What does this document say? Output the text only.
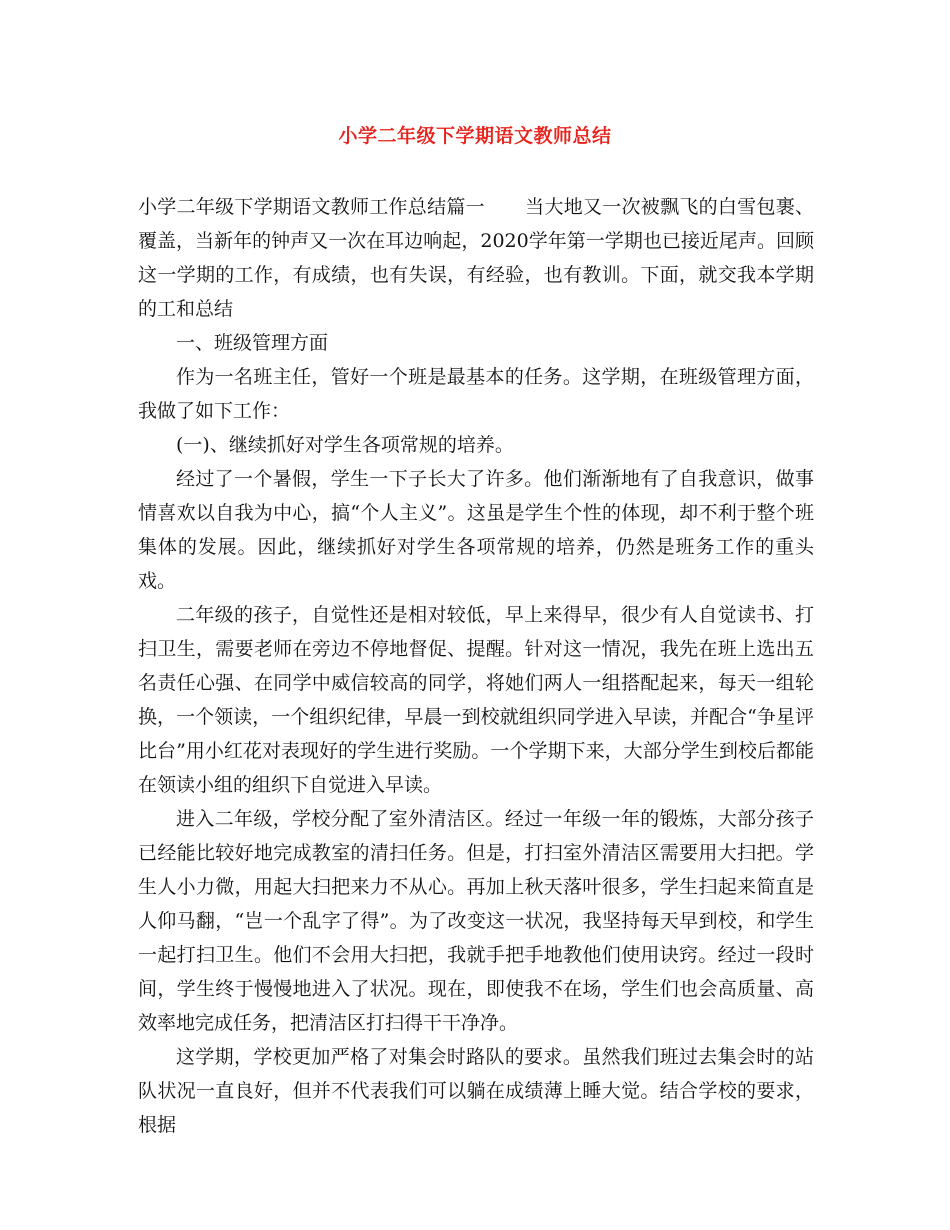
小学二年级下学期语文教师总结

小学二年级下学期语文教师工作总结篇一 当大地又一次被飘飞的白雪包裹、覆盖，当新年的钟声又一次在耳边响起，2020学年第一学期也已接近尾声。回顾这一学期的工作，有成绩，也有失误，有经验，也有教训。下面，就交我本学期的工和总结

一、班级管理方面

作为一名班主任，管好一个班是最基本的任务。这学期，在班级管理方面，我做了如下工作：

(一)、继续抓好对学生各项常规的培养。

经过了一个暑假，学生一下子长大了许多。他们渐渐地有了自我意识，做事情喜欢以自我为中心，搞“个人主义”。这虽是学生个性的体现，却不利于整个班集体的发展。因此，继续抓好对学生各项常规的培养，仍然是班务工作的重头戏。

二年级的孩子，自觉性还是相对较低，早上来得早，很少有人自觉读书、打扫卫生，需要老师在旁边不停地督促、提醒。针对这一情况，我先在班上选出五名责任心强、在同学中威信较高的同学，将她们两人一组搭配起来，每天一组轮换，一个领读，一个组织纪律，早晨一到校就组织同学进入早读，并配合“争星评比台”用小红花对表现好的学生进行奖励。一个学期下来，大部分学生到校后都能在领读小组的组织下自觉进入早读。

进入二年级，学校分配了室外清洁区。经过一年级一年的锻炼，大部分孩子已经能比较好地完成教室的清扫任务。但是，打扫室外清洁区需要用大扫把。学生人小力微，用起大扫把来力不从心。再加上秋天落叶很多，学生扫起来简直是人仰马翻，“岂一个乱字了得”。为了改变这一状况，我坚持每天早到校，和学生一起打扫卫生。他们不会用大扫把，我就手把手地教他们使用诀窍。经过一段时间，学生终于慢慢地进入了状况。现在，即使我不在场，学生们也会高质量、高效率地完成任务，把清洁区打扫得干干净净。

这学期，学校更加严格了对集会时路队的要求。虽然我们班过去集会时的站队状况一直良好，但并不代表我们可以躺在成绩薄上睡大觉。结合学校的要求，根据
